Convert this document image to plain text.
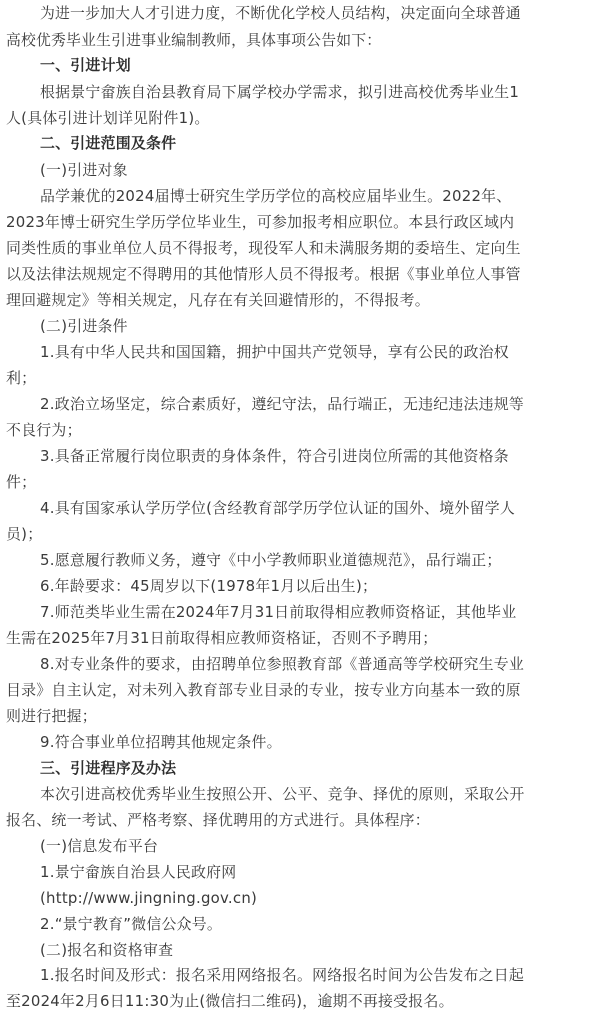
为进一步加大人才引进力度，不断优化学校人员结构，决定面向全球普通
高校优秀毕业生引进事业编制教师，具体事项公告如下：
一、引进计划
根据景宁畲族自治县教育局下属学校办学需求，拟引进高校优秀毕业生1
人(具体引进计划详见附件1)。
二、引进范围及条件
(一)引进对象
品学兼优的2024届博士研究生学历学位的高校应届毕业生。2022年、
2023年博士研究生学历学位毕业生，可参加报考相应职位。本县行政区域内
同类性质的事业单位人员不得报考，现役军人和未满服务期的委培生、定向生
以及法律法规规定不得聘用的其他情形人员不得报考。根据《事业单位人事管
理回避规定》等相关规定，凡存在有关回避情形的，不得报考。
(二)引进条件
1.具有中华人民共和国国籍，拥护中国共产党领导，享有公民的政治权
利；
2.政治立场坚定，综合素质好，遵纪守法，品行端正，无违纪违法违规等
不良行为；
3.具备正常履行岗位职责的身体条件，符合引进岗位所需的其他资格条
件；
4.具有国家承认学历学位(含经教育部学历学位认证的国外、境外留学人
员)；
5.愿意履行教师义务，遵守《中小学教师职业道德规范》，品行端正；
6.年龄要求：45周岁以下(1978年1月以后出生)；
7.师范类毕业生需在2024年7月31日前取得相应教师资格证，其他毕业
生需在2025年7月31日前取得相应教师资格证，否则不予聘用；
8.对专业条件的要求，由招聘单位参照教育部《普通高等学校研究生专业
目录》自主认定，对未列入教育部专业目录的专业，按专业方向基本一致的原
则进行把握；
9.符合事业单位招聘其他规定条件。
三、引进程序及办法
本次引进高校优秀毕业生按照公开、公平、竞争、择优的原则，采取公开
报名、统一考试、严格考察、择优聘用的方式进行。具体程序：
(一)信息发布平台
1.景宁畲族自治县人民政府网
(http://www.jingning.gov.cn)
2.“景宁教育”微信公众号。
(二)报名和资格审查
1.报名时间及形式：报名采用网络报名。网络报名时间为公告发布之日起
至2024年2月6日11:30为止(微信扫二维码)，逾期不再接受报名。
